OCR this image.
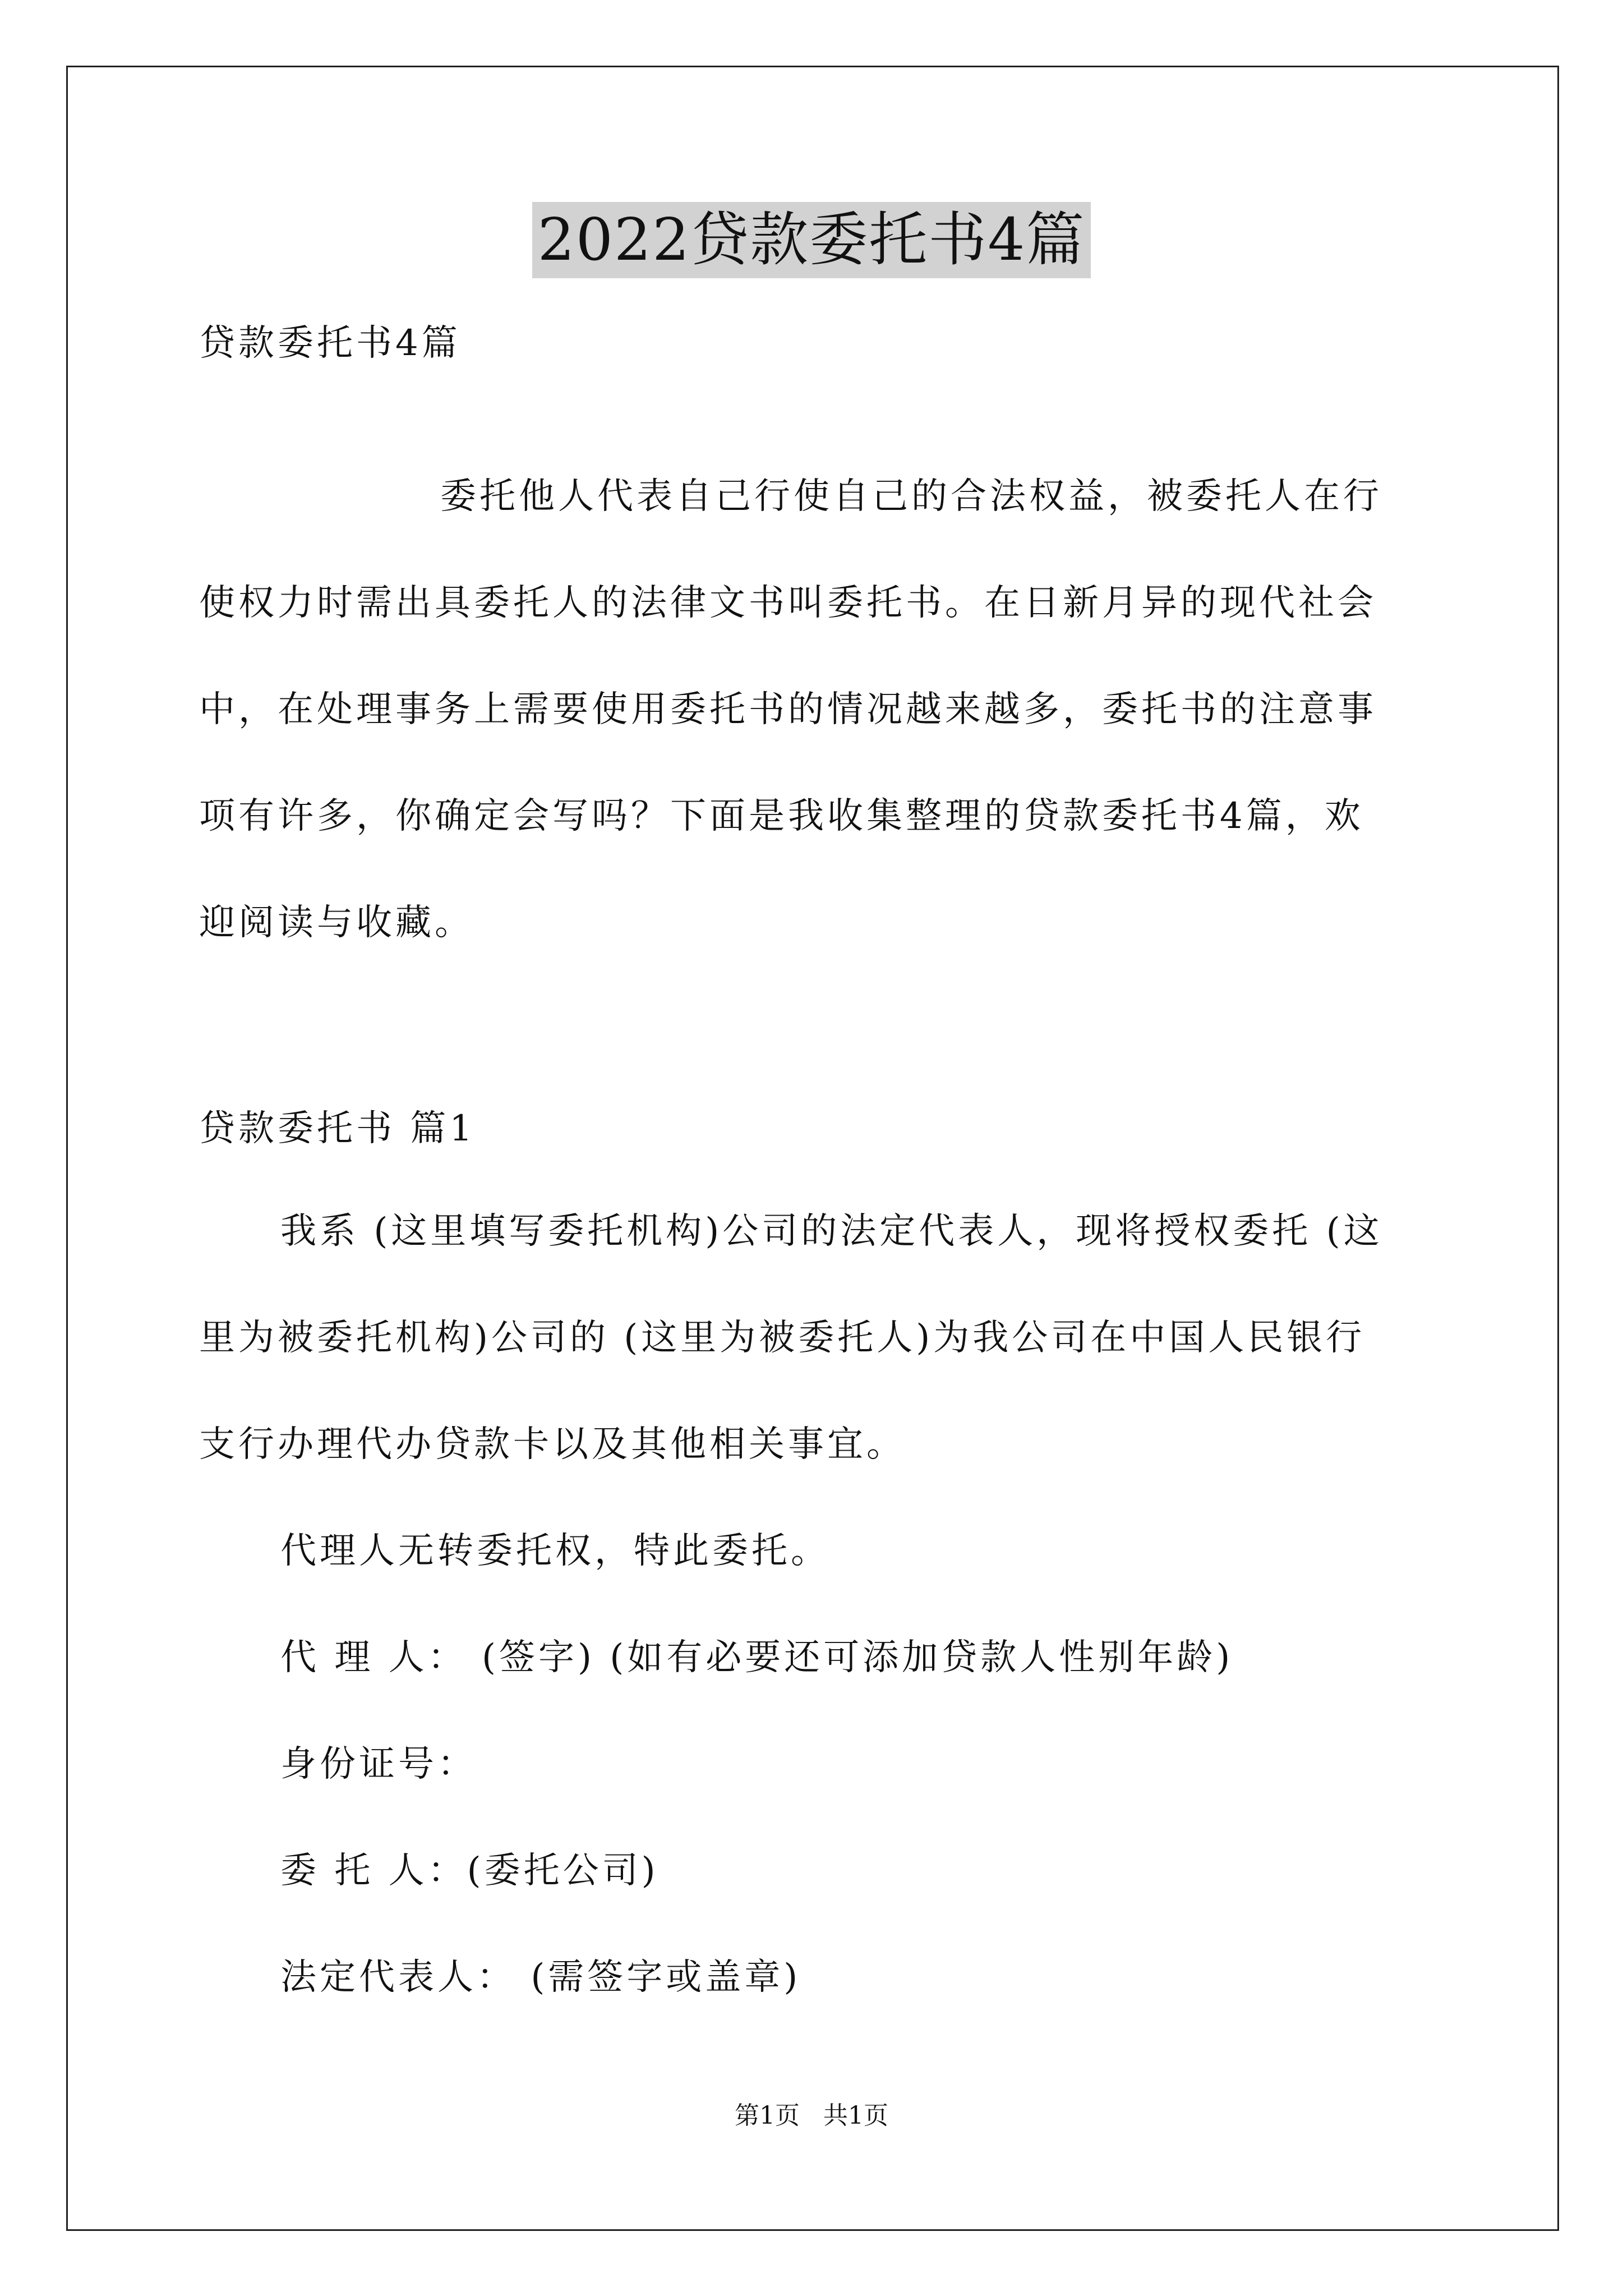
2022贷款委托书4篇
贷款委托书4篇
委托他人代表自己行使自己的合法权益，被委托人在行
使权力时需出具委托人的法律文书叫委托书。在日新月异的现代社会
中，在处理事务上需要使用委托书的情况越来越多，委托书的注意事
项有许多，你确定会写吗？下面是我收集整理的贷款委托书4篇，欢
迎阅读与收藏。
贷款委托书 篇1
我系 (这里填写委托机构)公司的法定代表人，现将授权委托 (这
里为被委托机构)公司的 (这里为被委托人)为我公司在中国人民银行
支行办理代办贷款卡以及其他相关事宜。
代理人无转委托权，特此委托。
代 理 人： (签字) (如有必要还可添加贷款人性别年龄)
身份证号：
委 托 人：(委托公司)
法定代表人： (需签字或盖章)
第1页 共1页
